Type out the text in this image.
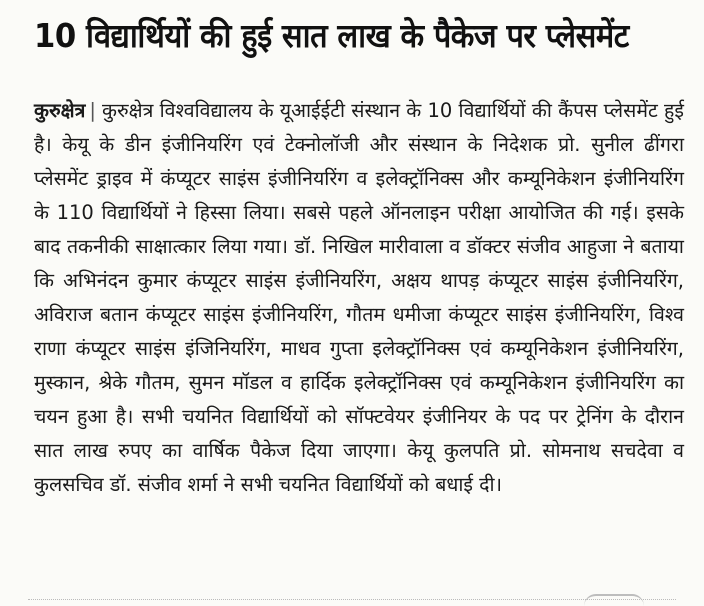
10 विद्यार्थियों की हुई सात लाख के पैकेज पर प्लेसमेंट

कुरुक्षेत्र | कुरुक्षेत्र विश्वविद्यालय के यूआईईटी संस्थान के 10 विद्यार्थियों की कैंपस प्लेसमेंट हुई है। केयू के डीन इंजीनियरिंग एवं टेक्नोलॉजी और संस्थान के निदेशक प्रो. सुनील ढींगरा प्लेसमेंट ड्राइव में कंप्यूटर साइंस इंजीनियरिंग व इलेक्ट्रॉनिक्स और कम्यूनिकेशन इंजीनियरिंग के 110 विद्यार्थियों ने हिस्सा लिया। सबसे पहले ऑनलाइन परीक्षा आयोजित की गई। इसके बाद तकनीकी साक्षात्कार लिया गया। डॉ. निखिल मारीवाला व डॉक्टर संजीव आहुजा ने बताया कि अभिनंदन कुमार कंप्यूटर साइंस इंजीनियरिंग, अक्षय थापड़ कंप्यूटर साइंस इंजीनियरिंग, अविराज बतान कंप्यूटर साइंस इंजीनियरिंग, गौतम धमीजा कंप्यूटर साइंस इंजीनियरिंग, विश्व राणा कंप्यूटर साइंस इंजिनियरिंग, माधव गुप्ता इलेक्ट्रॉनिक्स एवं कम्यूनिकेशन इंजीनियरिंग, मुस्कान, श्रेके गौतम, सुमन मॉडल व हार्दिक इलेक्ट्रॉनिक्स एवं कम्यूनिकेशन इंजीनियरिंग का चयन हुआ है। सभी चयनित विद्यार्थियों को सॉफ्टवेयर इंजीनियर के पद पर ट्रेनिंग के दौरान सात लाख रुपए का वार्षिक पैकेज दिया जाएगा। केयू कुलपति प्रो. सोमनाथ सचदेवा व कुलसचिव डॉ. संजीव शर्मा ने सभी चयनित विद्यार्थियों को बधाई दी।
